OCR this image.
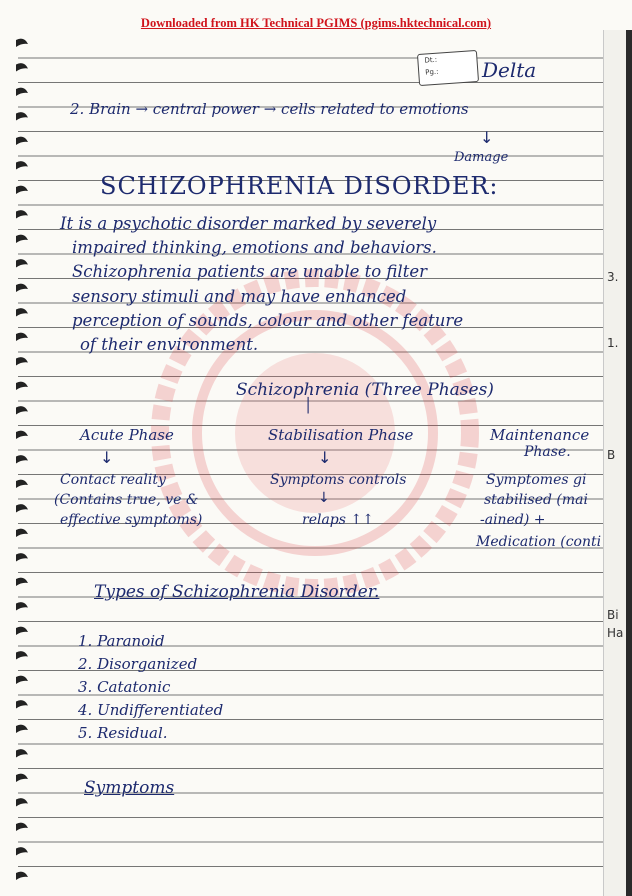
3.
1.
B
Bi
Ha
Downloaded from HK Technical PGIMS (pgims.hktechnical.com)
Dt.:
Pg.:	Delta
2. Brain → central power → cells related to emotions
↓
Damage
SCHIZOPHRENIA DISORDER:
It is a psychotic disorder marked by severely
impaired thinking, emotions and behaviors.
Schizophrenia patients are unable to filter
sensory stimuli and may have enhanced
perception of sounds, colour and other feature
of their environment.
Schizophrenia (Three Phases)
│
Acute Phase	Stabilisation Phase	Maintenance
Phase.
↓	↓
Contact reality
(Contains true, ve &
effective symptoms)
Symptoms controls
↓
relaps ↑↑
Symptomes gi
stabilised (mai
-ained) +
Medication (conti
Types of Schizophrenia Disorder.
1. Paranoid
2. Disorganized
3. Catatonic
4. Undifferentiated
5. Residual.
Symptoms
